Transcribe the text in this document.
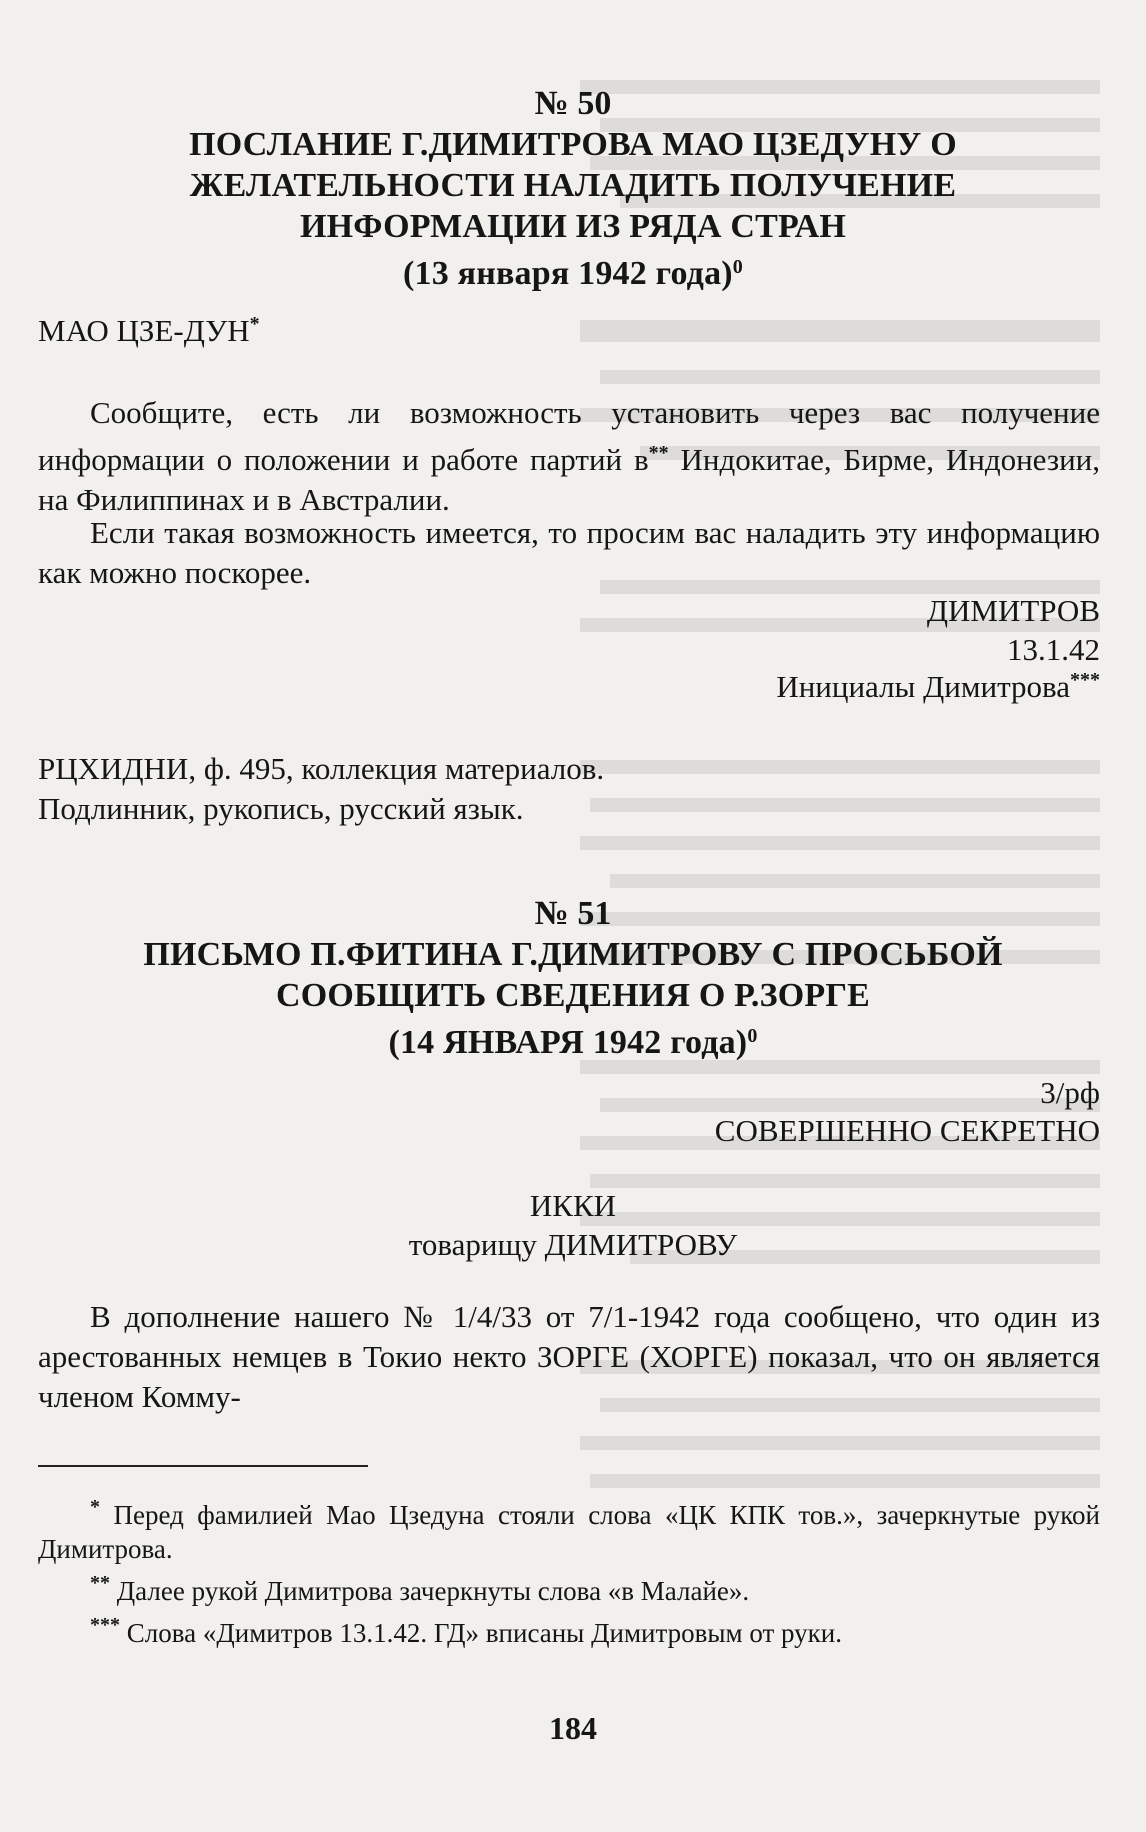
№ 50
ПОСЛАНИЕ Г.ДИМИТРОВА МАО ЦЗЕДУНУ О
ЖЕЛАТЕЛЬНОСТИ НАЛАДИТЬ ПОЛУЧЕНИЕ
ИНФОРМАЦИИ ИЗ РЯДА СТРАН
(13 января 1942 года)$^0$
МАО ЦЗЕ-ДУН*
Сообщите, есть ли возможность установить через вас получение информации о положении и работе партий в** Индокитае, Бирме, Индонезии, на Филиппинах и в Австралии.
Если такая возможность имеется, то просим вас наладить эту информацию как можно поскорее.
ДИМИТРОВ
13.1.42
Инициалы Димитрова***
РЦХИДНИ, ф. 495, коллекция материалов.
Подлинник, рукопись, русский язык.
№ 51
ПИСЬМО П.ФИТИНА Г.ДИМИТРОВУ С ПРОСЬБОЙ
СООБЩИТЬ СВЕДЕНИЯ О Р.ЗОРГЕ
(14 ЯНВАРЯ 1942 года)$^0$
3/рф
СОВЕРШЕННО СЕКРЕТНО
ИККИ
товарищу ДИМИТРОВУ
В дополнение нашего № 1/4/33 от 7/1-1942 года сообщено, что один из арестованных немцев в Токио некто ЗОРГЕ (ХОРГЕ) показал, что он является членом Комму-
* Перед фамилией Мао Цзедуна стояли слова «ЦК КПК тов.», зачеркнутые рукой Димитрова.
** Далее рукой Димитрова зачеркнуты слова «в Малайе».
*** Слова «Димитров 13.1.42. ГД» вписаны Димитровым от руки.
184
